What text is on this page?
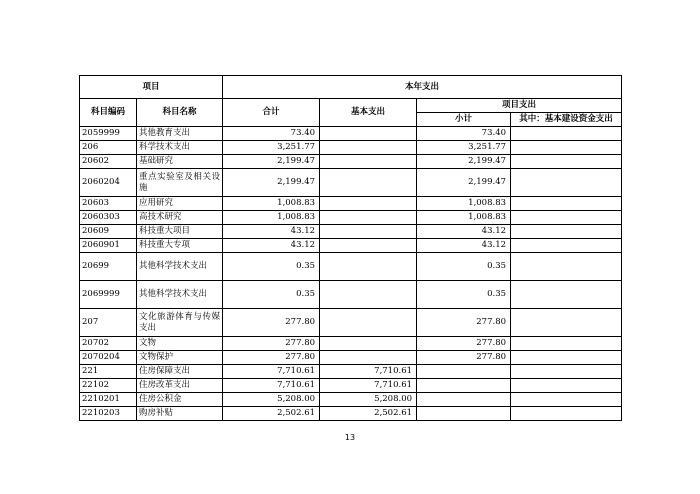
项目		本年支出			
科目编码	科目名称	合计	基本支出	项目支出	
				小计	其中：基本建设资金支出
2059999	其他教育支出	73.40		73.40	
206	科学技术支出	3,251.77		3,251.77	
20602	基础研究	2,199.47		2,199.47	
2060204	重点实验室及相关设施	2,199.47		2,199.47	
20603	应用研究	1,008.83		1,008.83	
2060303	高技术研究	1,008.83		1,008.83	
20609	科技重大项目	43.12		43.12	
2060901	科技重大专项	43.12		43.12	
20699	其他科学技术支出	0.35		0.35	
2069999	其他科学技术支出	0.35		0.35	
207	文化旅游体育与传媒支出	277.80		277.80	
20702	文物	277.80		277.80	
2070204	文物保护	277.80		277.80	
221	住房保障支出	7,710.61	7,710.61		
22102	住房改革支出	7,710.61	7,710.61		
2210201	住房公积金	5,208.00	5,208.00		
2210203	购房补贴	2,502.61	2,502.61		
13
